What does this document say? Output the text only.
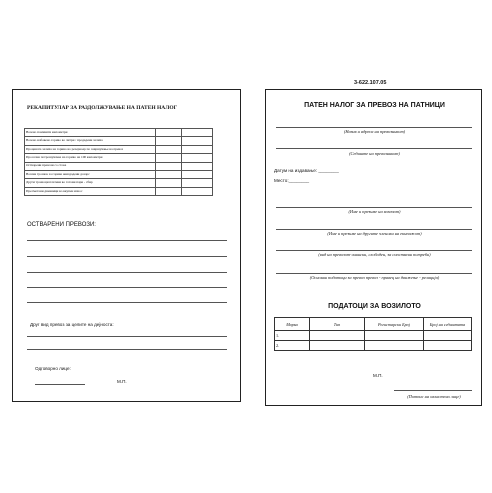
3-622.107.05
РЕКАПИТУЛАР ЗА РАЗДОЛЖУВАЊЕ НА ПАТЕН НАЛОГ
Возено поминати километри		
Возено набавено гориво во литри / продадени залиха		
Процената залиха на гориво во резервоар по завршување на превоз		
Просечна потрошувачка на гориво на 100 километри		
Остварени превози со стока		
Возачи трошок за горива неиздадени дозарс		
Други трошоци платени во готови пари - сбир		
Пресметани дневници во вкупен износ		
ОСТВАРЕНИ ПРЕВОЗИ:
Друг вид превоз за целите на дејноста:
Одговорно лице:
М.П.
ПАТЕН НАЛОГ ЗА ПРЕВОЗ НА ПАТНИЦИ
(Назив и адреса на превозникот)
(Седиште на превозникот)
Датум на издавање: ________
Место:________
(Име и презиме на возачот)
(Име и презиме на другите членови на екипажот)
(вид на превозот-линиски, слободен, за сопствени потреби)
(Основни податоци за превоз превоз - правец на движење - релација)
ПОДАТОЦИ ЗА ВОЗИЛОТО
Марка	Тип	Регистарски Број	Број на седиштата
1.			
2.			
М.П.
(Потпис на овластено лице)
